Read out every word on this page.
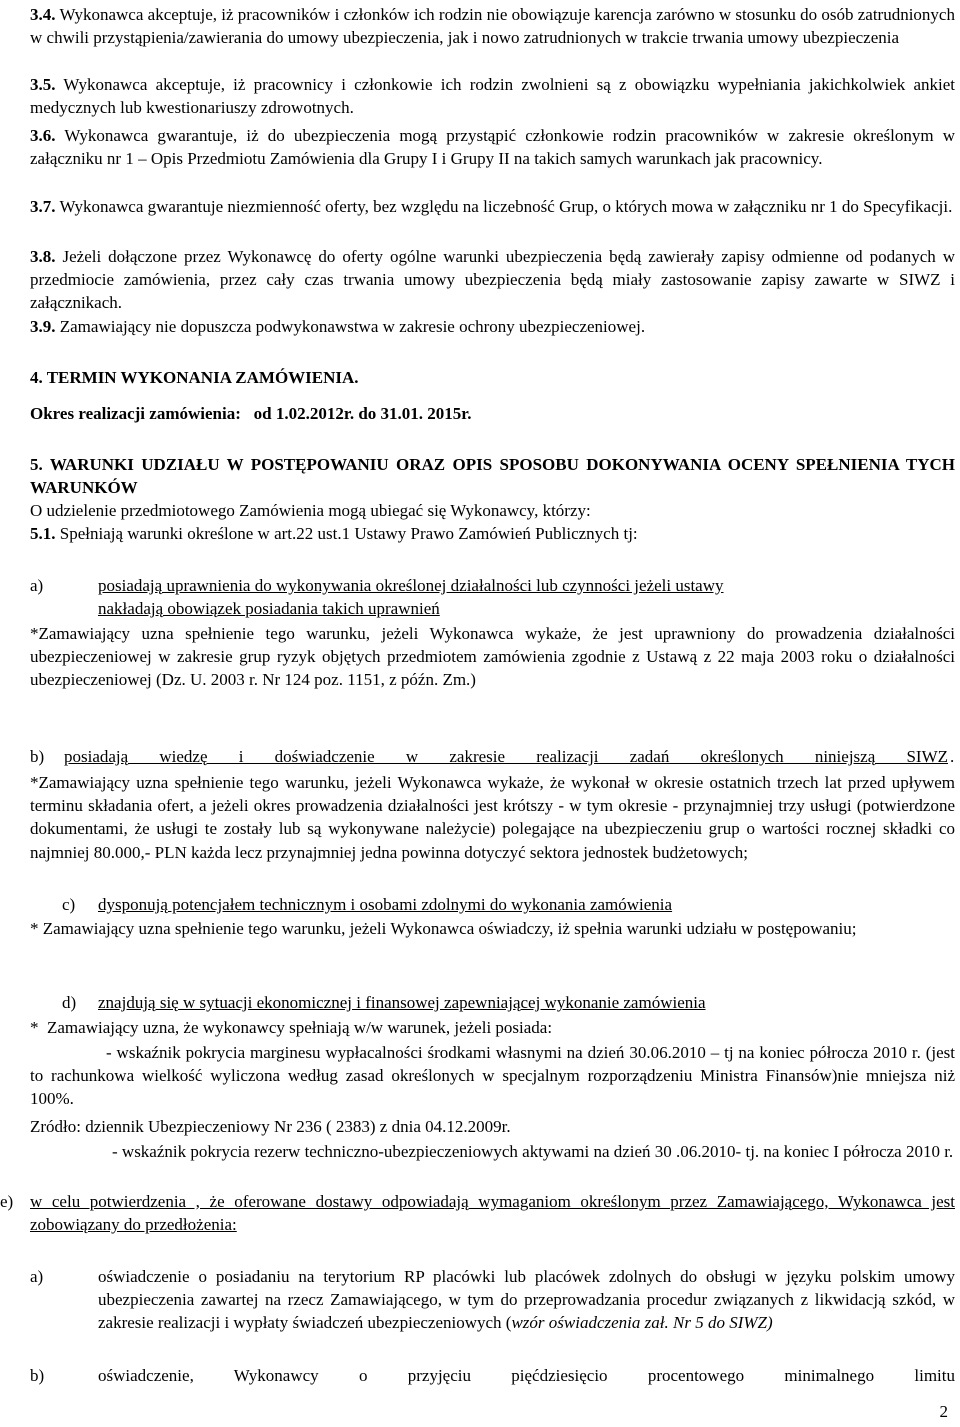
3.4. Wykonawca akceptuje, iż pracowników i członków ich rodzin nie obowiązuje karencja zarówno w stosunku do osób zatrudnionych w chwili przystąpienia/zawierania do umowy ubezpieczenia, jak i nowo zatrudnionych w trakcie trwania umowy ubezpieczenia

3.5. Wykonawca akceptuje, iż pracownicy i członkowie ich rodzin zwolnieni są z obowiązku wypełniania jakichkolwiek ankiet medycznych lub kwestionariuszy zdrowotnych.

3.6. Wykonawca gwarantuje, iż do ubezpieczenia mogą przystąpić członkowie rodzin pracowników w zakresie określonym w załączniku nr 1 – Opis Przedmiotu Zamówienia dla Grupy I i Grupy II na takich samych warunkach jak pracownicy.

3.7. Wykonawca gwarantuje niezmienność oferty, bez względu na liczebność Grup, o których mowa w załączniku nr 1 do Specyfikacji.

3.8. Jeżeli dołączone przez Wykonawcę do oferty ogólne warunki ubezpieczenia będą zawierały zapisy odmienne od podanych w przedmiocie zamówienia, przez cały czas trwania umowy ubezpieczenia będą miały zastosowanie zapisy zawarte w SIWZ i załącznikach.

3.9. Zamawiający nie dopuszcza podwykonawstwa w zakresie ochrony ubezpieczeniowej.

4. TERMIN WYKONANIA ZAMÓWIENIA.

Okres realizacji zamówienia:   od 1.02.2012r. do 31.01. 2015r.

5. WARUNKI UDZIAŁU W POSTĘPOWANIU ORAZ OPIS SPOSOBU DOKONYWANIA OCENY SPEŁNIENIA TYCH WARUNKÓW

O udzielenie przedmiotowego Zamówienia mogą ubiegać się Wykonawcy, którzy:

5.1. Spełniają warunki określone w art.22 ust.1 Ustawy Prawo Zamówień Publicznych tj:

a)	posiadają uprawnienia do wykonywania określonej działalności lub czynności jeżeli ustawy

nakładają obowiązek posiadania takich uprawnień

*Zamawiający uzna spełnienie tego warunku, jeżeli Wykonawca wykaże, że jest uprawniony do prowadzenia działalności ubezpieczeniowej w zakresie grup ryzyk objętych przedmiotem zamówienia zgodnie z Ustawą z 22 maja 2003 roku o działalności ubezpieczeniowej (Dz. U. 2003 r. Nr 124 poz. 1151, z późn. Zm.)

b) posiadają wiedzę i doświadczenie w zakresie realizacji zadań określonych niniejszą SIWZ .

*Zamawiający uzna spełnienie tego warunku, jeżeli Wykonawca wykaże, że wykonał w okresie ostatnich trzech lat przed upływem terminu składania ofert, a jeżeli okres prowadzenia działalności jest krótszy - w tym okresie - przynajmniej trzy usługi (potwierdzone dokumentami, że usługi te zostały lub są wykonywane należycie) polegające na ubezpieczeniu grup o wartości rocznej składki co najmniej 80.000,- PLN każda lecz przynajmniej jedna powinna dotyczyć sektora jednostek budżetowych;

c) dysponują potencjałem technicznym i osobami zdolnymi do wykonania zamówienia

* Zamawiający uzna spełnienie tego warunku, jeżeli Wykonawca oświadczy, iż spełnia warunki udziału w postępowaniu;

d) znajdują się w sytuacji ekonomicznej i finansowej zapewniającej wykonanie zamówienia

*  Zamawiający uzna, że wykonawcy spełniają w/w warunek, jeżeli posiada:

- wskaźnik pokrycia marginesu wypłacalności środkami własnymi na dzień 30.06.2010 – tj na koniec półrocza 2010 r. (jest to rachunkowa wielkość wyliczona według zasad określonych w specjalnym rozporządzeniu Ministra Finansów)nie mniejsza niż 100%.

Zródło: dziennik Ubezpieczeniowy Nr 236 ( 2383) z dnia 04.12.2009r.

- wskaźnik pokrycia rezerw techniczno-ubezpieczeniowych aktywami na dzień 30 .06.2010- tj. na koniec I półrocza 2010 r.

e) w celu potwierdzenia , że oferowane dostawy odpowiadają wymaganiom określonym przez Zamawiającego, Wykonawca jest zobowiązany do przedłożenia:

a)	oświadczenie o posiadaniu na terytorium RP placówki lub placówek zdolnych do obsługi w języku polskim umowy ubezpieczenia zawartej na rzecz Zamawiającego, w tym do przeprowadzania procedur związanych z likwidacją szkód, w zakresie realizacji i wypłaty świadczeń ubezpieczeniowych (wzór oświadczenia zał. Nr 5 do SIWZ)

b)	oświadczenie, Wykonawcy o przyjęciu pięćdziesięcio procentowego minimalnego limitu

2
